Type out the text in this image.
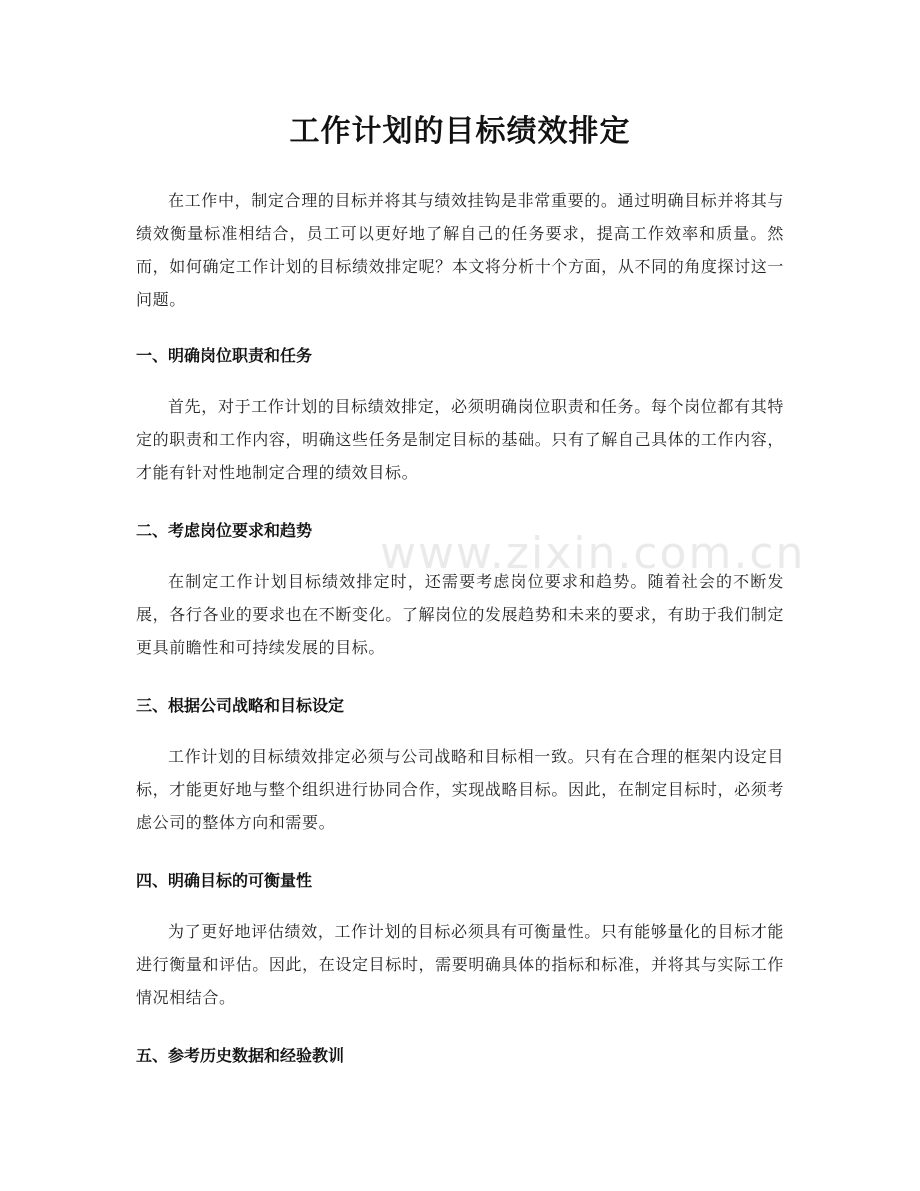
工作计划的目标绩效排定

在工作中，制定合理的目标并将其与绩效挂钩是非常重要的。通过明确目标并将其与绩效衡量标准相结合，员工可以更好地了解自己的任务要求，提高工作效率和质量。然而，如何确定工作计划的目标绩效排定呢？本文将分析十个方面，从不同的角度探讨这一问题。

一、明确岗位职责和任务

首先，对于工作计划的目标绩效排定，必须明确岗位职责和任务。每个岗位都有其特定的职责和工作内容，明确这些任务是制定目标的基础。只有了解自己具体的工作内容，才能有针对性地制定合理的绩效目标。

二、考虑岗位要求和趋势

在制定工作计划目标绩效排定时，还需要考虑岗位要求和趋势。随着社会的不断发展，各行各业的要求也在不断变化。了解岗位的发展趋势和未来的要求，有助于我们制定更具前瞻性和可持续发展的目标。

三、根据公司战略和目标设定

工作计划的目标绩效排定必须与公司战略和目标相一致。只有在合理的框架内设定目标，才能更好地与整个组织进行协同合作，实现战略目标。因此，在制定目标时，必须考虑公司的整体方向和需要。

四、明确目标的可衡量性

为了更好地评估绩效，工作计划的目标必须具有可衡量性。只有能够量化的目标才能进行衡量和评估。因此，在设定目标时，需要明确具体的指标和标准，并将其与实际工作情况相结合。

五、参考历史数据和经验教训
www.zixin.com.cn
